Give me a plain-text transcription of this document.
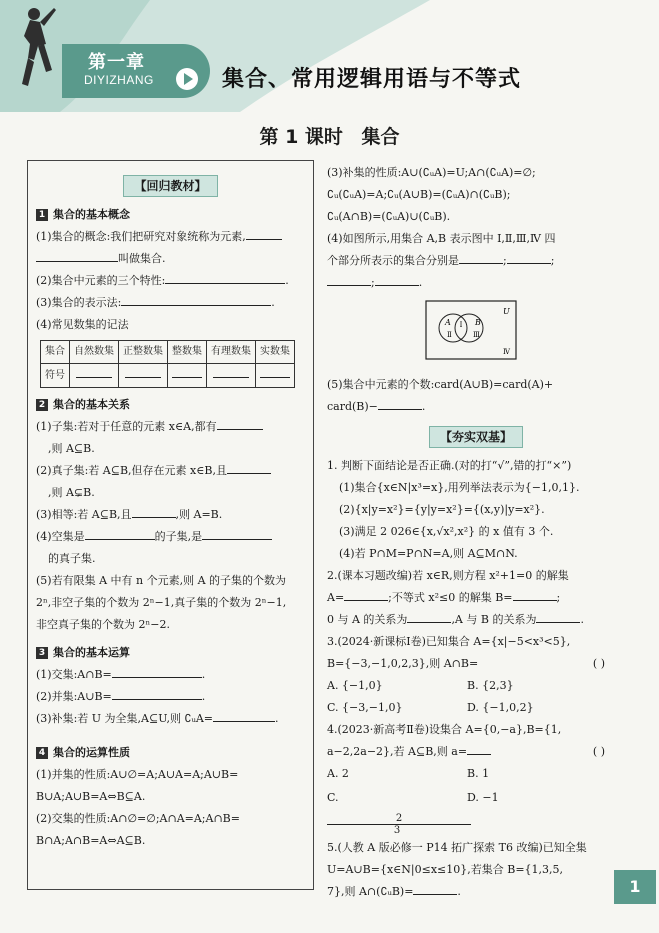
第一章
DIYIZHANG	集合、常用逻辑用语与不等式
第 1 课时 集合
【回归教材】
1 集合的基本概念

(1)集合的概念:我们把研究对象统称为元素,

叫做集合.

(2)集合中元素的三个特性:	.

(3)集合的表示法:	.

(4)常见数集的记法

集合	自然数集	正整数集	整数集	有理数集	实数集
符号					
2 集合的基本关系

(1)子集:若对于任意的元素 x∈A,都有

,则 A⊆B.

(2)真子集:若 A⊆B,但存在元素 x∈B,且

,则 A⊊B.

(3)相等:若 A⊆B,且	,则 A=B.

(4)空集是	的子集,是

的真子集.

(5)若有限集 A 中有 n 个元素,则 A 的子集的个数为

2ⁿ,非空子集的个数为 2ⁿ−1,真子集的个数为 2ⁿ−1,

非空真子集的个数为 2ⁿ−2.

3 集合的基本运算

(1)交集:A∩B=	.

(2)并集:A∪B=	.

(3)补集:若 U 为全集,A⊆U,则 ∁ᵤA=	.

4 集合的运算性质

(1)并集的性质:A∪∅=A;A∪A=A;A∪B=

B∪A;A∪B=A⇔B⊆A.

(2)交集的性质:A∩∅=∅;A∩A=A;A∩B=

B∩A;A∩B=A⇔A⊆B.

(3)补集的性质:A∪(∁ᵤA)=U;A∩(∁ᵤA)=∅;

∁ᵤ(∁ᵤA)=A;∁ᵤ(A∪B)=(∁ᵤA)∩(∁ᵤB);

∁ᵤ(A∩B)=(∁ᵤA)∪(∁ᵤB).

(4)如图所示,用集合 A,B 表示图中 Ⅰ,Ⅱ,Ⅲ,Ⅳ 四

个部分所表示的集合分别是	;	;

;	.

A	B
Ⅰ
Ⅱ	Ⅲ
U
Ⅳ

(5)集合中元素的个数:card(A∪B)=card(A)+

card(B)−	.

【夯实双基】

1. 判断下面结论是否正确.(对的打“√”,错的打“×”)

(1)集合{x∈N|x³=x},用列举法表示为{−1,0,1}.

(2){x|y=x²}={y|y=x²}={(x,y)|y=x²}.

(3)满足 2 026∈{x,√x²,x²} 的 x 值有 3 个.

(4)若 P∩M=P∩N=A,则 A⊆M∩N.

2.(课本习题改编)若 x∈R,则方程 x²+1=0 的解集

A=	;不等式 x²≤0 的解集 B=	;

0 与 A 的关系为	,A 与 B 的关系为	.

3.(2024·新课标Ⅰ卷)已知集合 A={x|−5<x³<5},

B={−3,−1,0,2,3},则 A∩B=	( )

A. {−1,0}	B. {2,3}

C. {−3,−1,0}	D. {−1,0,2}

4.(2023·新高考Ⅱ卷)设集合 A={0,−a},B={1,

a−2,2a−2},若 A⊆B,则 a=	( )

A. 2	B. 1

C.
$\frac{2}{3}$
D. −1

5.(人教 A 版必修一 P14 拓广探索 T6 改编)已知全集

U=A∪B={x∈N|0≤x≤10},若集合 B={1,3,5,

7},则 A∩(∁ᵤB)=	.	1
